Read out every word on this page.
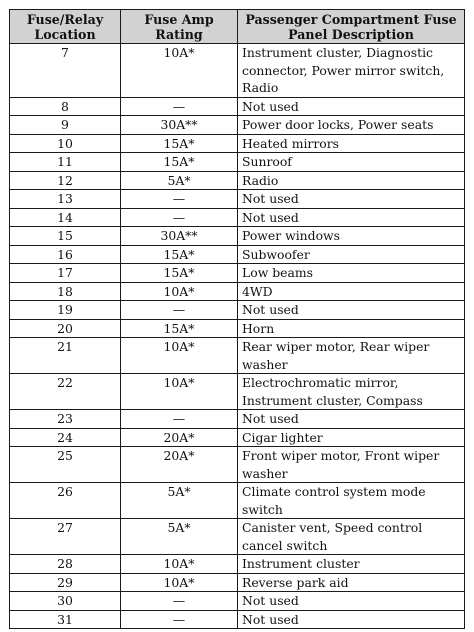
Fuse/Relay Location	Fuse Amp Rating	Passenger Compartment Fuse Panel Description
7	10A*	Instrument cluster, Diagnostic connector, Power mirror switch, Radio
8	—	Not used
9	30A**	Power door locks, Power seats
10	15A*	Heated mirrors
11	15A*	Sunroof
12	5A*	Radio
13	—	Not used
14	—	Not used
15	30A**	Power windows
16	15A*	Subwoofer
17	15A*	Low beams
18	10A*	4WD
19	—	Not used
20	15A*	Horn
21	10A*	Rear wiper motor, Rear wiper washer
22	10A*	Electrochromatic mirror, Instrument cluster, Compass
23	—	Not used
24	20A*	Cigar lighter
25	20A*	Front wiper motor, Front wiper washer
26	5A*	Climate control system mode switch
27	5A*	Canister vent, Speed control cancel switch
28	10A*	Instrument cluster
29	10A*	Reverse park aid
30	—	Not used
31	—	Not used
